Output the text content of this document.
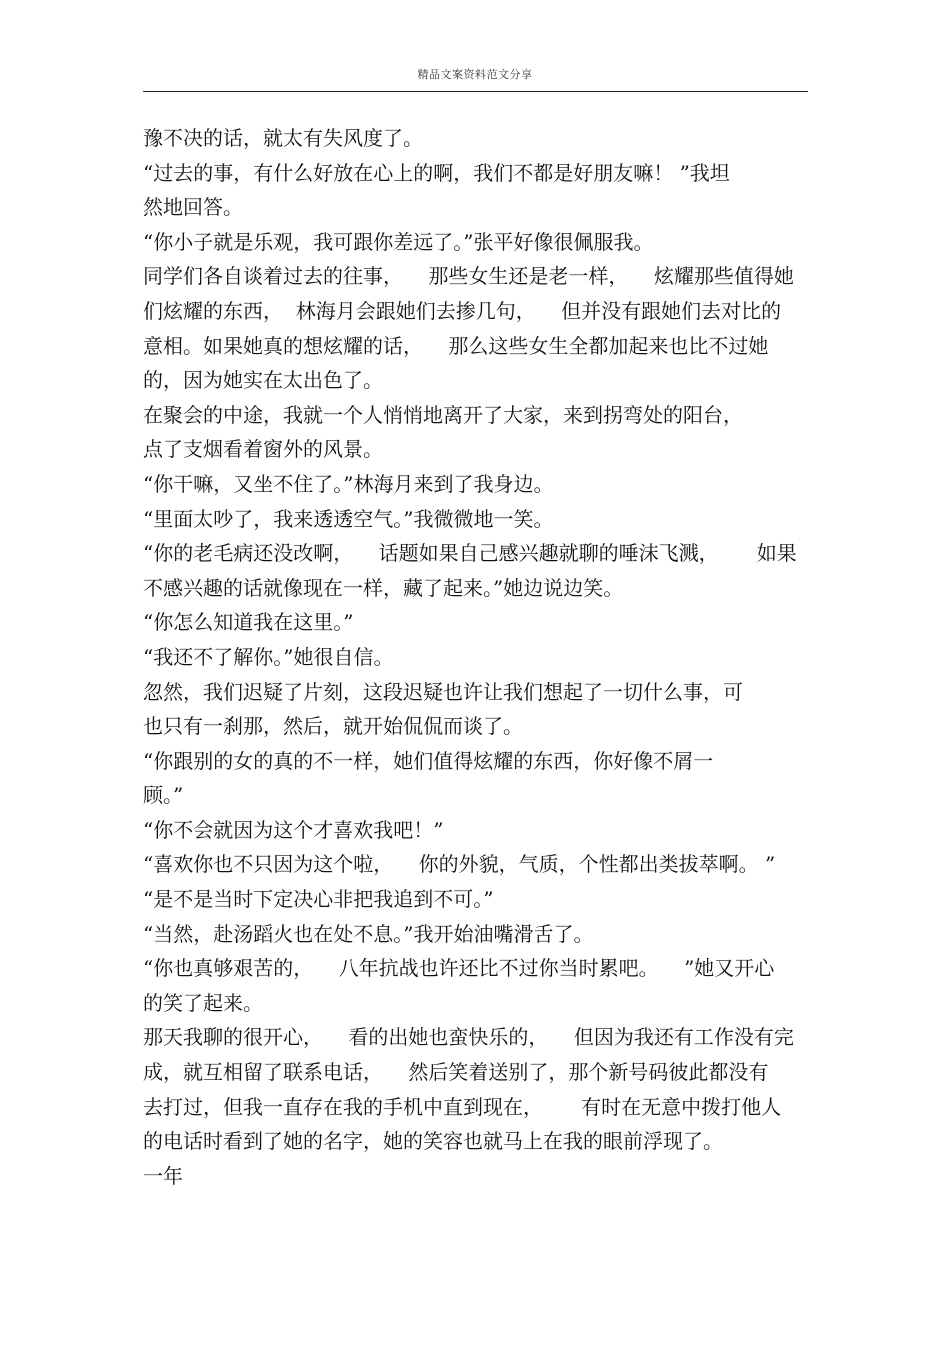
精品文案资料范文分享
豫不决的话，就太有失风度了。
“过去的事，有什么好放在心上的啊，我们不都是好朋友嘛！ ”我坦
然地回答。
“你小子就是乐观，我可跟你差远了。”张平好像很佩服我。
同学们各自谈着过去的往事，    那些女生还是老一样，    炫耀那些值得她
们炫耀的东西，  林海月会跟她们去掺几句，    但并没有跟她们去对比的
意相。如果她真的想炫耀的话，    那么这些女生全都加起来也比不过她
的，因为她实在太出色了。
在聚会的中途，我就一个人悄悄地离开了大家，来到拐弯处的阳台，
点了支烟看着窗外的风景。
“你干嘛，又坐不住了。”林海月来到了我身边。
“里面太吵了，我来透透空气。”我微微地一笑。
“你的老毛病还没改啊，    话题如果自己感兴趣就聊的唾沫飞溅，      如果
不感兴趣的话就像现在一样，藏了起来。”她边说边笑。
“你怎么知道我在这里。”
“我还不了解你。”她很自信。
忽然，我们迟疑了片刻，这段迟疑也许让我们想起了一切什么事，可
也只有一刹那，然后，就开始侃侃而谈了。
“你跟别的女的真的不一样，她们值得炫耀的东西，你好像不屑一
顾。”
“你不会就因为这个才喜欢我吧！”
“喜欢你也不只因为这个啦，    你的外貌，气质，个性都出类拔萃啊。 ”
“是不是当时下定决心非把我追到不可。”
“当然，赴汤蹈火也在处不息。”我开始油嘴滑舌了。
“你也真够艰苦的，    八年抗战也许还比不过你当时累吧。    ”她又开心
的笑了起来。
那天我聊的很开心，    看的出她也蛮快乐的，    但因为我还有工作没有完
成，就互相留了联系电话，    然后笑着送别了，那个新号码彼此都没有
去打过，但我一直存在我的手机中直到现在，      有时在无意中拨打他人
的电话时看到了她的名字，她的笑容也就马上在我的眼前浮现了。
一年
